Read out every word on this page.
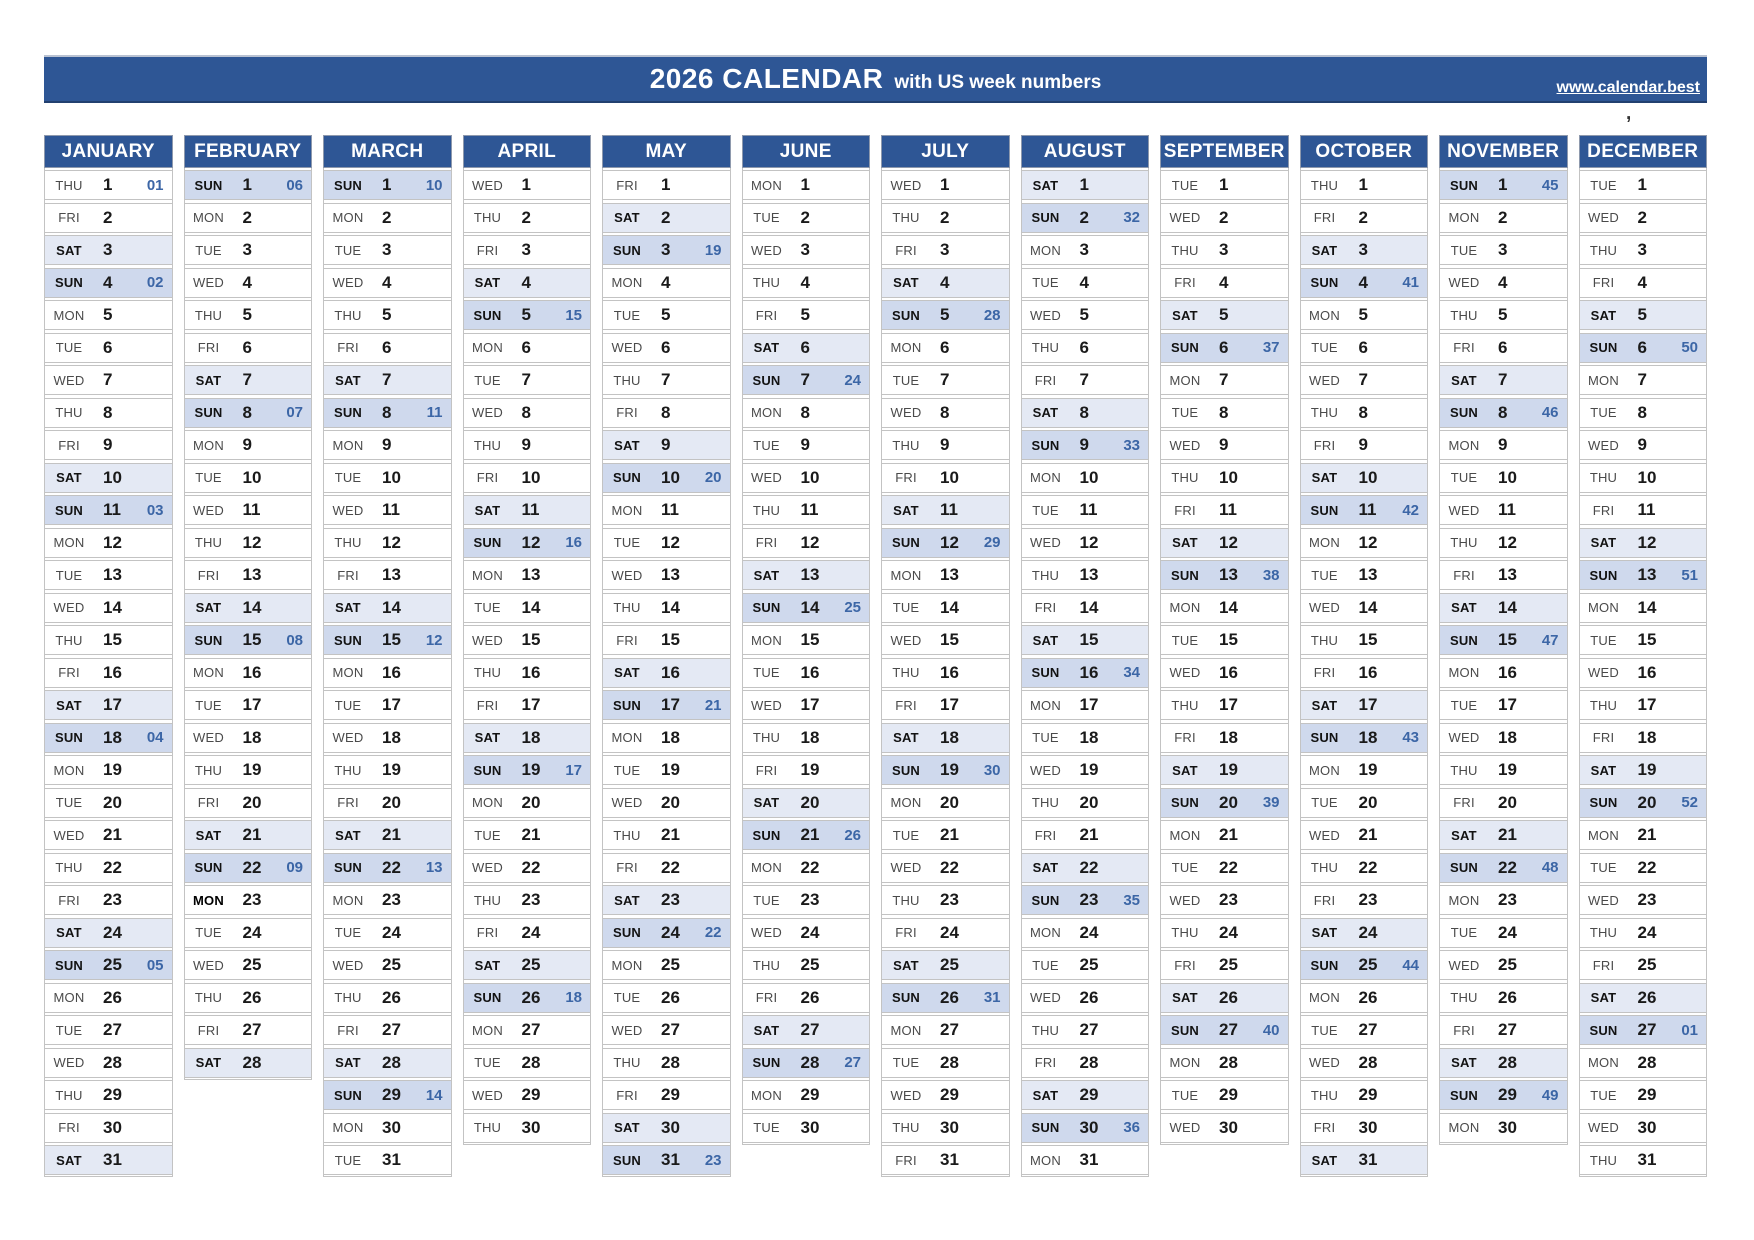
2026 CALENDAR with US week numbers	www.calendar.best
,
JANUARY
THU	1 01
FRI	2
SAT	3
SUN	4 02
MON	5
TUE	6
WED	7
THU	8
FRI	9
SAT	10
SUN	11 03
MON	12
TUE	13
WED	14
THU	15
FRI	16
SAT	17
SUN	18 04
MON	19
TUE	20
WED	21
THU	22
FRI	23
SAT	24
SUN	25 05
MON	26
TUE	27
WED	28
THU	29
FRI	30
SAT	31
FEBRUARY
SUN	1 06
MON	2
TUE	3
WED	4
THU	5
FRI	6
SAT	7
SUN	8 07
MON	9
TUE	10
WED	11
THU	12
FRI	13
SAT	14
SUN	15 08
MON	16
TUE	17
WED	18
THU	19
FRI	20
SAT	21
SUN	22 09
MON	23
TUE	24
WED	25
THU	26
FRI	27
SAT	28
MARCH
SUN	1 10
MON	2
TUE	3
WED	4
THU	5
FRI	6
SAT	7
SUN	8 11
MON	9
TUE	10
WED	11
THU	12
FRI	13
SAT	14
SUN	15 12
MON	16
TUE	17
WED	18
THU	19
FRI	20
SAT	21
SUN	22 13
MON	23
TUE	24
WED	25
THU	26
FRI	27
SAT	28
SUN	29 14
MON	30
TUE	31
APRIL
WED	1
THU	2
FRI	3
SAT	4
SUN	5 15
MON	6
TUE	7
WED	8
THU	9
FRI	10
SAT	11
SUN	12 16
MON	13
TUE	14
WED	15
THU	16
FRI	17
SAT	18
SUN	19 17
MON	20
TUE	21
WED	22
THU	23
FRI	24
SAT	25
SUN	26 18
MON	27
TUE	28
WED	29
THU	30
MAY
FRI	1
SAT	2
SUN	3 19
MON	4
TUE	5
WED	6
THU	7
FRI	8
SAT	9
SUN	10 20
MON	11
TUE	12
WED	13
THU	14
FRI	15
SAT	16
SUN	17 21
MON	18
TUE	19
WED	20
THU	21
FRI	22
SAT	23
SUN	24 22
MON	25
TUE	26
WED	27
THU	28
FRI	29
SAT	30
SUN	31 23
JUNE
MON	1
TUE	2
WED	3
THU	4
FRI	5
SAT	6
SUN	7 24
MON	8
TUE	9
WED	10
THU	11
FRI	12
SAT	13
SUN	14 25
MON	15
TUE	16
WED	17
THU	18
FRI	19
SAT	20
SUN	21 26
MON	22
TUE	23
WED	24
THU	25
FRI	26
SAT	27
SUN	28 27
MON	29
TUE	30
JULY
WED	1
THU	2
FRI	3
SAT	4
SUN	5 28
MON	6
TUE	7
WED	8
THU	9
FRI	10
SAT	11
SUN	12 29
MON	13
TUE	14
WED	15
THU	16
FRI	17
SAT	18
SUN	19 30
MON	20
TUE	21
WED	22
THU	23
FRI	24
SAT	25
SUN	26 31
MON	27
TUE	28
WED	29
THU	30
FRI	31
AUGUST
SAT	1
SUN	2 32
MON	3
TUE	4
WED	5
THU	6
FRI	7
SAT	8
SUN	9 33
MON	10
TUE	11
WED	12
THU	13
FRI	14
SAT	15
SUN	16 34
MON	17
TUE	18
WED	19
THU	20
FRI	21
SAT	22
SUN	23 35
MON	24
TUE	25
WED	26
THU	27
FRI	28
SAT	29
SUN	30 36
MON	31
SEPTEMBER
TUE	1
WED	2
THU	3
FRI	4
SAT	5
SUN	6 37
MON	7
TUE	8
WED	9
THU	10
FRI	11
SAT	12
SUN	13 38
MON	14
TUE	15
WED	16
THU	17
FRI	18
SAT	19
SUN	20 39
MON	21
TUE	22
WED	23
THU	24
FRI	25
SAT	26
SUN	27 40
MON	28
TUE	29
WED	30
OCTOBER
THU	1
FRI	2
SAT	3
SUN	4 41
MON	5
TUE	6
WED	7
THU	8
FRI	9
SAT	10
SUN	11 42
MON	12
TUE	13
WED	14
THU	15
FRI	16
SAT	17
SUN	18 43
MON	19
TUE	20
WED	21
THU	22
FRI	23
SAT	24
SUN	25 44
MON	26
TUE	27
WED	28
THU	29
FRI	30
SAT	31
NOVEMBER
SUN	1 45
MON	2
TUE	3
WED	4
THU	5
FRI	6
SAT	7
SUN	8 46
MON	9
TUE	10
WED	11
THU	12
FRI	13
SAT	14
SUN	15 47
MON	16
TUE	17
WED	18
THU	19
FRI	20
SAT	21
SUN	22 48
MON	23
TUE	24
WED	25
THU	26
FRI	27
SAT	28
SUN	29 49
MON	30
DECEMBER
TUE	1
WED	2
THU	3
FRI	4
SAT	5
SUN	6 50
MON	7
TUE	8
WED	9
THU	10
FRI	11
SAT	12
SUN	13 51
MON	14
TUE	15
WED	16
THU	17
FRI	18
SAT	19
SUN	20 52
MON	21
TUE	22
WED	23
THU	24
FRI	25
SAT	26
SUN	27 01
MON	28
TUE	29
WED	30
THU	31
